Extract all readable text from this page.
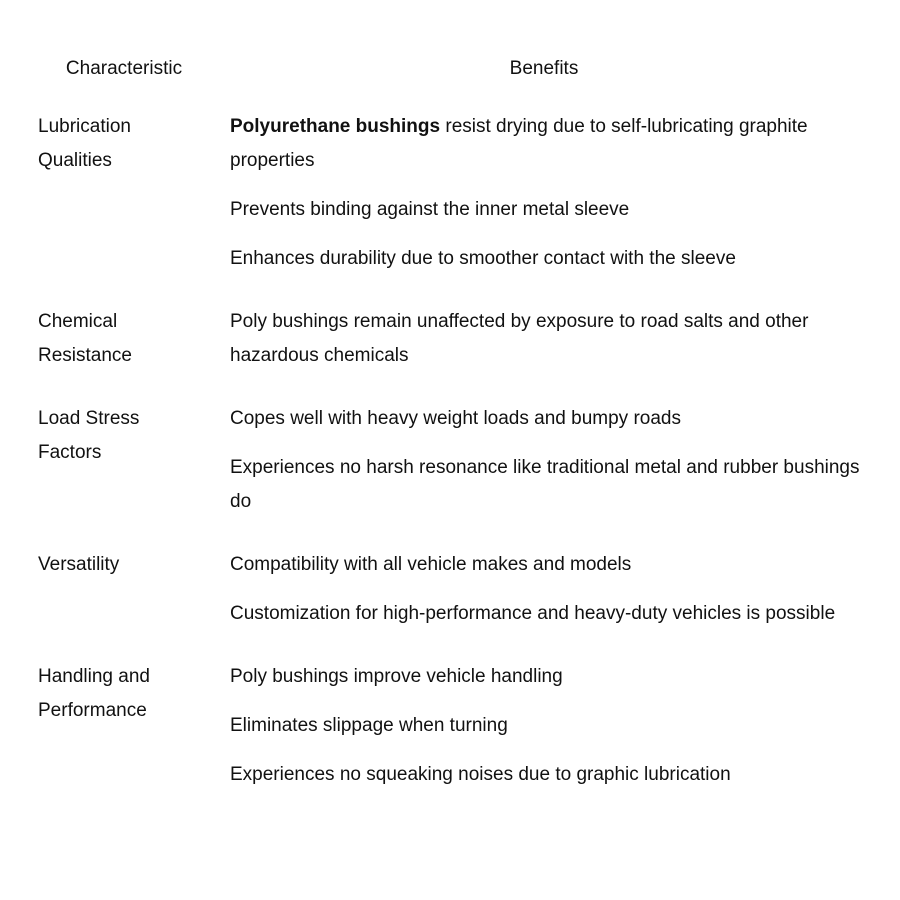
Characteristic	Benefits
Lubrication
Qualities
Polyurethane bushings resist drying due to self-lubricating graphite properties
Prevents binding against the inner metal sleeve
Enhances durability due to smoother contact with the sleeve
Chemical
Resistance
Poly bushings remain unaffected by exposure to road salts and other hazardous chemicals
Load Stress
Factors
Copes well with heavy weight loads and bumpy roads
Experiences no harsh resonance like traditional metal and rubber bushings do
Versatility	Compatibility with all vehicle makes and models
Customization for high-performance and heavy-duty vehicles is possible
Handling and
Performance
Poly bushings improve vehicle handling
Eliminates slippage when turning
Experiences no squeaking noises due to graphic lubrication
